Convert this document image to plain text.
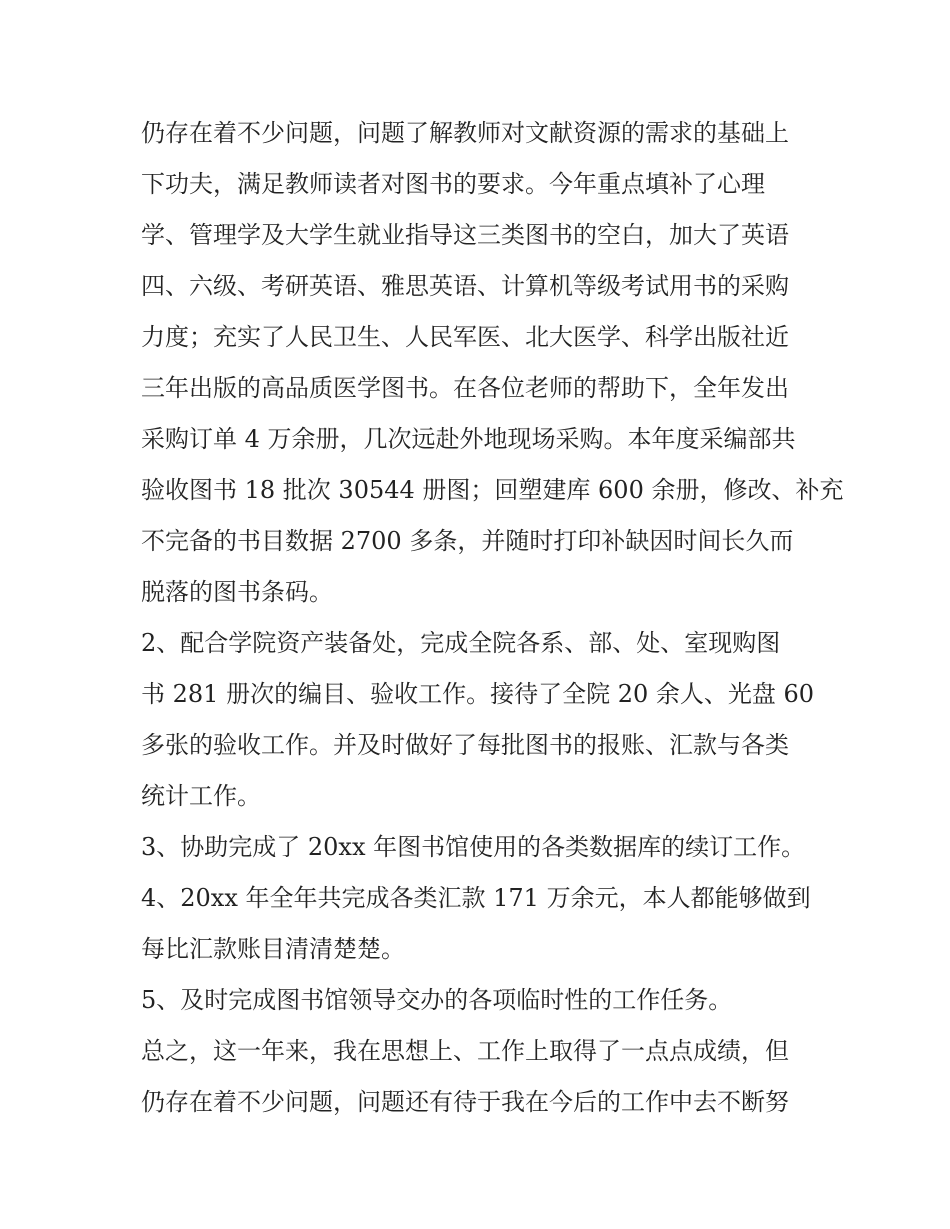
仍存在着不少问题，问题了解教师对文献资源的需求的基础上
下功夫，满足教师读者对图书的要求。今年重点填补了心理
学、管理学及大学生就业指导这三类图书的空白，加大了英语
四、六级、考研英语、雅思英语、计算机等级考试用书的采购
力度；充实了人民卫生、人民军医、北大医学、科学出版社近
三年出版的高品质医学图书。在各位老师的帮助下，全年发出
采购订单 4 万余册，几次远赴外地现场采购。本年度采编部共
验收图书 18 批次 30544 册图；回塑建库 600 余册，修改、补充
不完备的书目数据 2700 多条，并随时打印补缺因时间长久而
脱落的图书条码。
2、配合学院资产装备处，完成全院各系、部、处、室现购图
书 281 册次的编目、验收工作。接待了全院 20 余人、光盘 60
多张的验收工作。并及时做好了每批图书的报账、汇款与各类
统计工作。
3、协助完成了 20xx 年图书馆使用的各类数据库的续订工作。
4、20xx 年全年共完成各类汇款 171 万余元，本人都能够做到
每比汇款账目清清楚楚。
5、及时完成图书馆领导交办的各项临时性的工作任务。
总之，这一年来，我在思想上、工作上取得了一点点成绩，但
仍存在着不少问题，问题还有待于我在今后的工作中去不断努
